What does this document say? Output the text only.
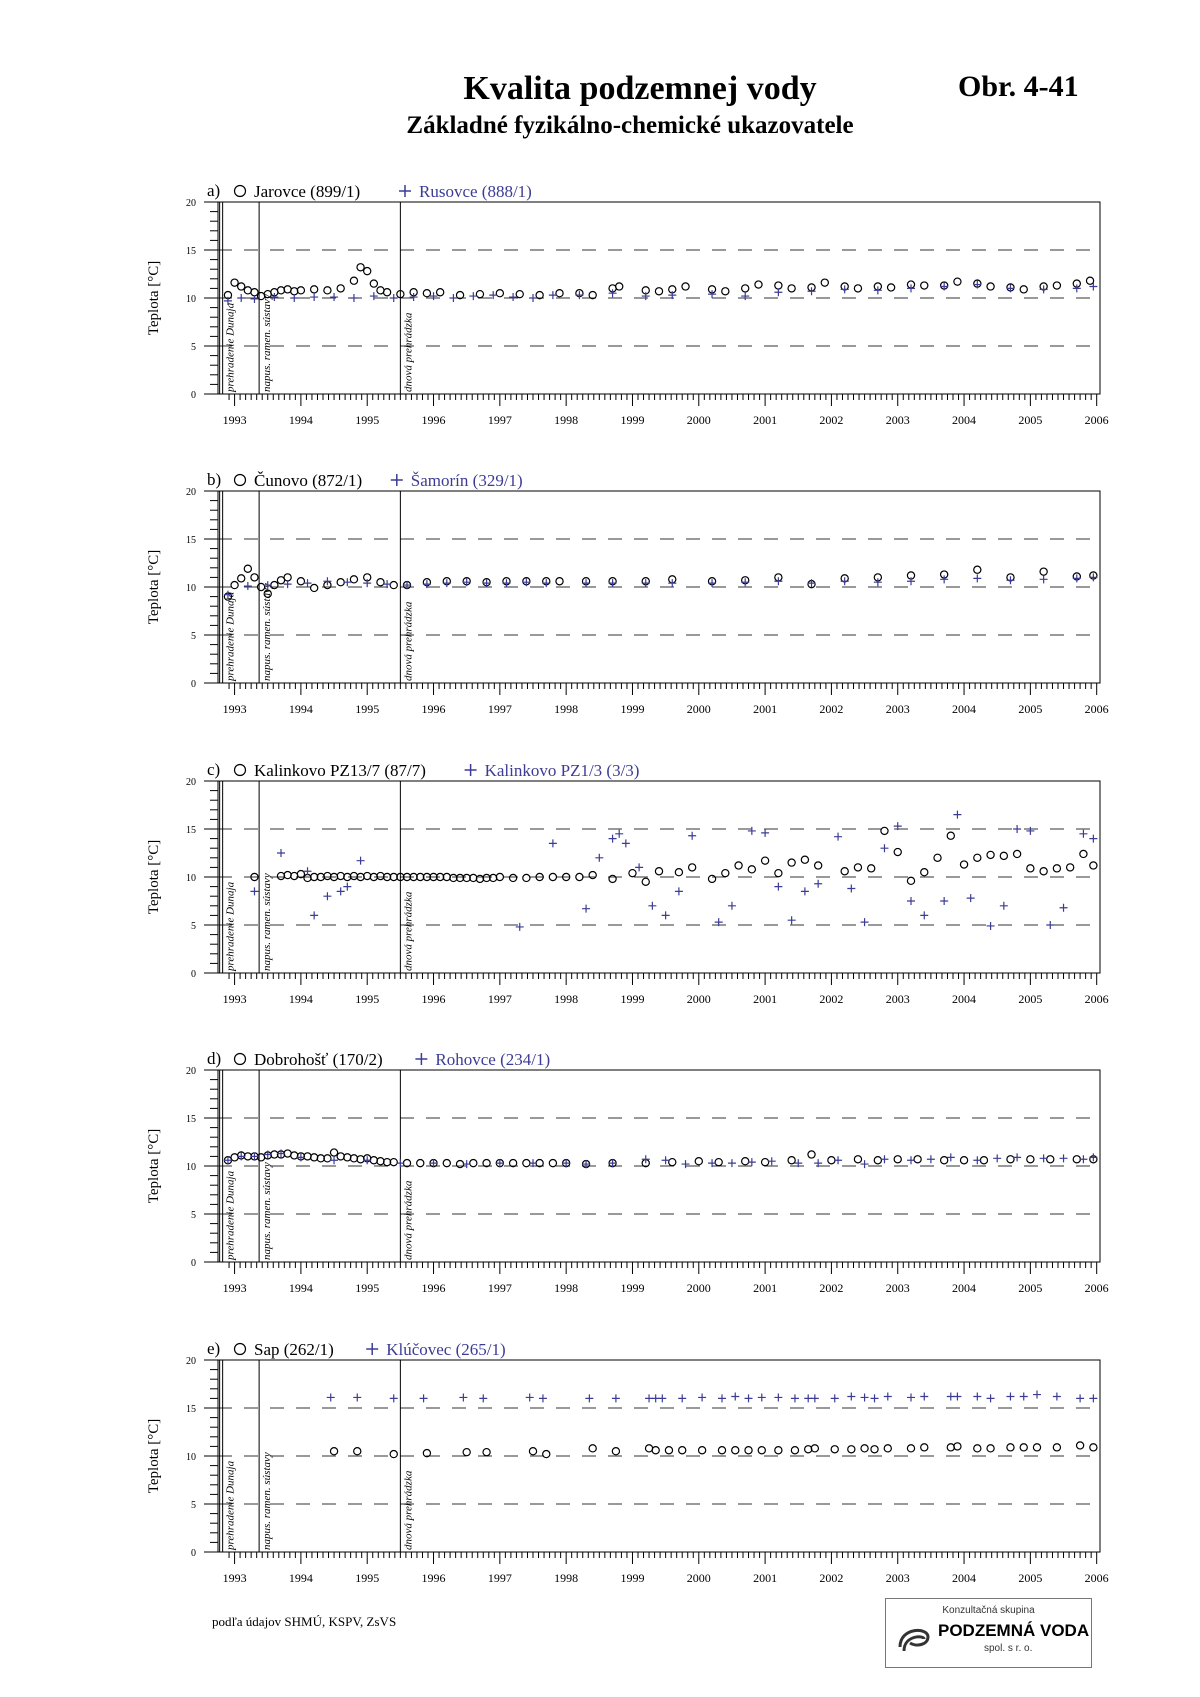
Kvalita podzemnej vody
Základné fyzikálno-chemické ukazovatele
Obr. 4-41
0
5
10
15
20
Teplota [°C]
1993	1994	1995	1996	1997	1998	1999	2000	2001	2002	2003	2004	2005	2006
prehradenie Dunaja napus. ramen. sústavy	dnová prehrádzka
a) Jarovce (899/1)	Rusovce (888/1)
0
5
10
15
20
Teplota [°C]
1993	1994	1995	1996	1997	1998	1999	2000	2001	2002	2003	2004	2005	2006
prehradenie Dunaja napus. ramen. sústavy	dnová prehrádzka
b) Čunovo (872/1)	Šamorín (329/1)
0
5
10
15
20
Teplota [°C]
1993	1994	1995	1996	1997	1998	1999	2000	2001	2002	2003	2004	2005	2006
prehradenie Dunaja napus. ramen. sústavy	dnová prehrádzka
c) Kalinkovo PZ13/7 (87/7)	Kalinkovo PZ1/3 (3/3)
0
5
10
15
20
Teplota [°C]
1993	1994	1995	1996	1997	1998	1999	2000	2001	2002	2003	2004	2005	2006
prehradenie Dunaja napus. ramen. sústavy	dnová prehrádzka
d) Dobrohošť (170/2)	Rohovce (234/1)
0
5
10
15
20
Teplota [°C]
1993	1994	1995	1996	1997	1998	1999	2000	2001	2002	2003	2004	2005	2006
prehradenie Dunaja napus. ramen. sústavy	dnová prehrádzka
e) Sap (262/1)	Klúčovec (265/1)
podľa údajov SHMÚ, KSPV, ZsVS
Konzultačná skupina
PODZEMNÁ VODA
spol. s r. o.
